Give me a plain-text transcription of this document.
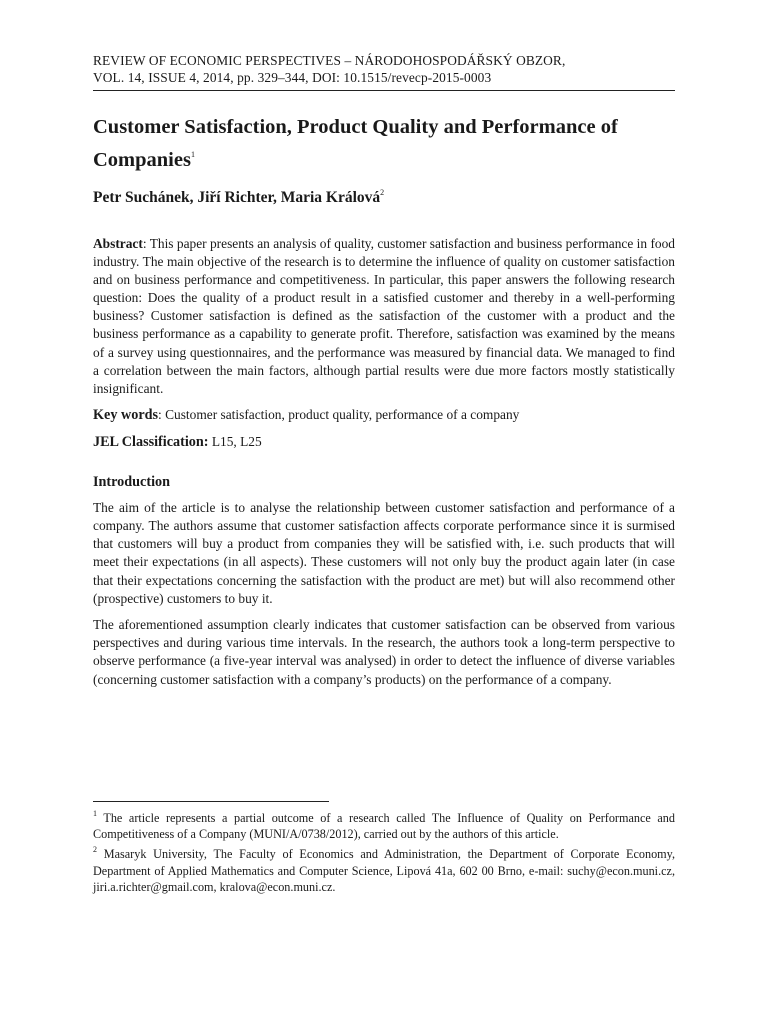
REVIEW OF ECONOMIC PERSPECTIVES – NÁRODOHOSPODÁŘSKÝ OBZOR,
VOL. 14, ISSUE 4, 2014, pp. 329–344, DOI: 10.1515/revecp-2015-0003
Customer Satisfaction, Product Quality and Performance of Companies$^1$
Petr Suchánek, Jiří Richter, Maria Králová$^2$
Abstract: This paper presents an analysis of quality, customer satisfaction and business performance in food industry. The main objective of the research is to determine the influence of quality on customer satisfaction and on business performance and competitiveness. In particular, this paper answers the following research question: Does the quality of a product result in a satisfied customer and thereby in a well-performing business? Customer satisfaction is defined as the satisfaction of the customer with a product and the business performance as a capability to generate profit. Therefore, satisfaction was examined by the means of a survey using questionnaires, and the performance was measured by financial data. We managed to find a correlation between the main factors, although partial results were due more factors mostly statistically insignificant.
Key words: Customer satisfaction, product quality, performance of a company
JEL Classification: L15, L25
Introduction
The aim of the article is to analyse the relationship between customer satisfaction and performance of a company. The authors assume that customer satisfaction affects corporate performance since it is surmised that customers will buy a product from companies they will be satisfied with, i.e. such products that will meet their expectations (in all aspects). These customers will not only buy the product again later (in case that their expectations concerning the satisfaction with the product are met) but will also recommend other (prospective) customers to buy it.
The aforementioned assumption clearly indicates that customer satisfaction can be observed from various perspectives and during various time intervals. In the research, the authors took a long-term perspective to observe performance (a five-year interval was analysed) in order to detect the influence of diverse variables (concerning customer satisfaction with a company’s products) on the performance of a company.
$^1$ The article represents a partial outcome of a research called The Influence of Quality on Performance and Competitiveness of a Company (MUNI/A/0738/2012), carried out by the authors of this article.
$^2$ Masaryk University, The Faculty of Economics and Administration, the Department of Corporate Economy, Department of Applied Mathematics and Computer Science, Lipová 41a, 602 00 Brno, e-mail: suchy@econ.muni.cz, jiri.a.richter@gmail.com, kralova@econ.muni.cz.
